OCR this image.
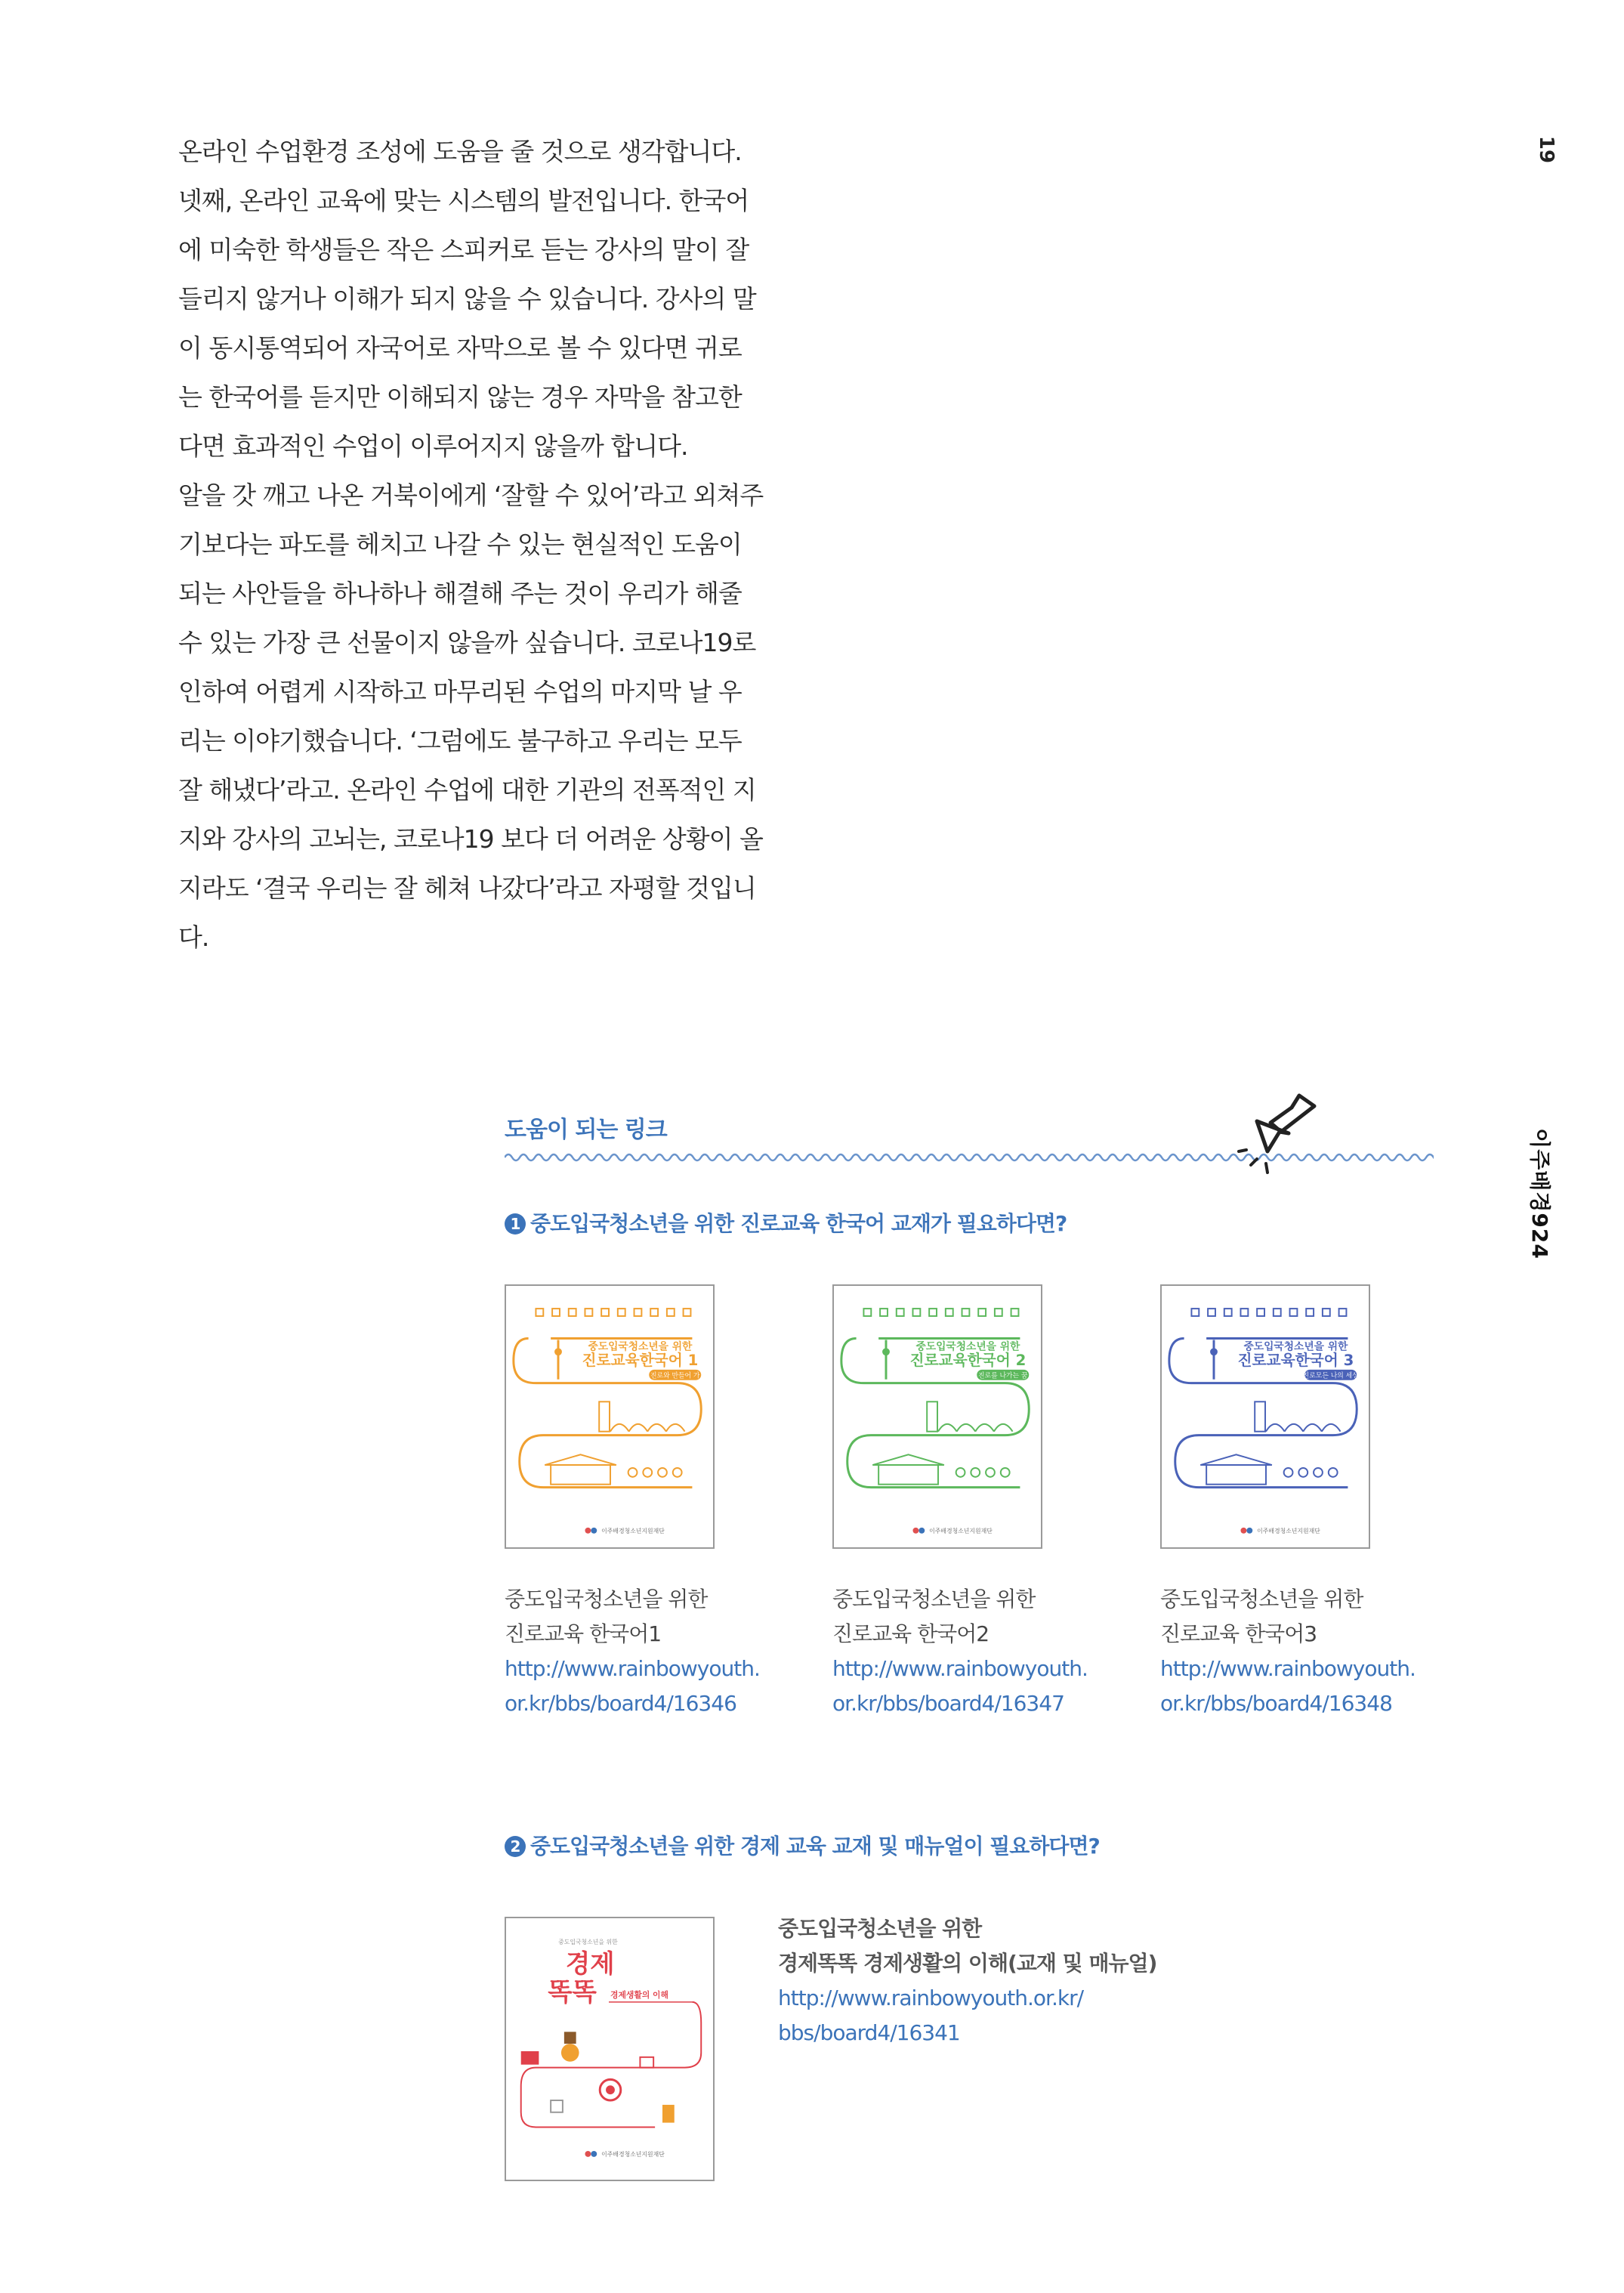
19
이주배경924

온라인 수업환경 조성에 도움을 줄 것으로 생각합니다.

넷째, 온라인 교육에 맞는 시스템의 발전입니다. 한국어

에 미숙한 학생들은 작은 스피커로 듣는 강사의 말이 잘

들리지 않거나 이해가 되지 않을 수 있습니다. 강사의 말

이 동시통역되어 자국어로 자막으로 볼 수 있다면 귀로

는 한국어를 듣지만 이해되지 않는 경우 자막을 참고한

다면 효과적인 수업이 이루어지지 않을까 합니다.

알을 갓 깨고 나온 거북이에게 ‘잘할 수 있어’라고 외쳐주

기보다는 파도를 헤치고 나갈 수 있는 현실적인 도움이

되는 사안들을 하나하나 해결해 주는 것이 우리가 해줄

수 있는 가장 큰 선물이지 않을까 싶습니다. 코로나19로

인하여 어렵게 시작하고 마무리된 수업의 마지막 날 우

리는 이야기했습니다. ‘그럼에도 불구하고 우리는 모두

잘 해냈다’라고. 온라인 수업에 대한 기관의 전폭적인 지

지와 강사의 고뇌는, 코로나19 보다 더 어려운 상황이 올

지라도 ‘결국 우리는 잘 헤쳐 나갔다’라고 자평할 것입니

다.

도움이 되는 링크
1 중도입국청소년을 위한 진로교육 한국어 교재가 필요하다면?
중도입국청소년을 위한
진로교육한국어 1
진로와 만들어 가
이주배경청소년지원재단
중도입국청소년을 위한
진로교육한국어 2
진로를 나가는 꿈
이주배경청소년지원재단
중도입국청소년을 위한
진로교육한국어 3
진로모든 나의 세상
이주배경청소년지원재단
중도입국청소년을 위한
진로교육 한국어1
http://www.rainbowyouth.
or.kr/bbs/board4/16346
중도입국청소년을 위한
진로교육 한국어2
http://www.rainbowyouth.
or.kr/bbs/board4/16347
중도입국청소년을 위한
진로교육 한국어3
http://www.rainbowyouth.
or.kr/bbs/board4/16348
2 중도입국청소년을 위한 경제 교육 교재 및 매뉴얼이 필요하다면?
중도입국청소년을 위한
경제
똑똑 경제생활의 이해
이주배경청소년지원재단
중도입국청소년을 위한
경제똑똑 경제생활의 이해(교재 및 매뉴얼)
http://www.rainbowyouth.or.kr/
bbs/board4/16341
